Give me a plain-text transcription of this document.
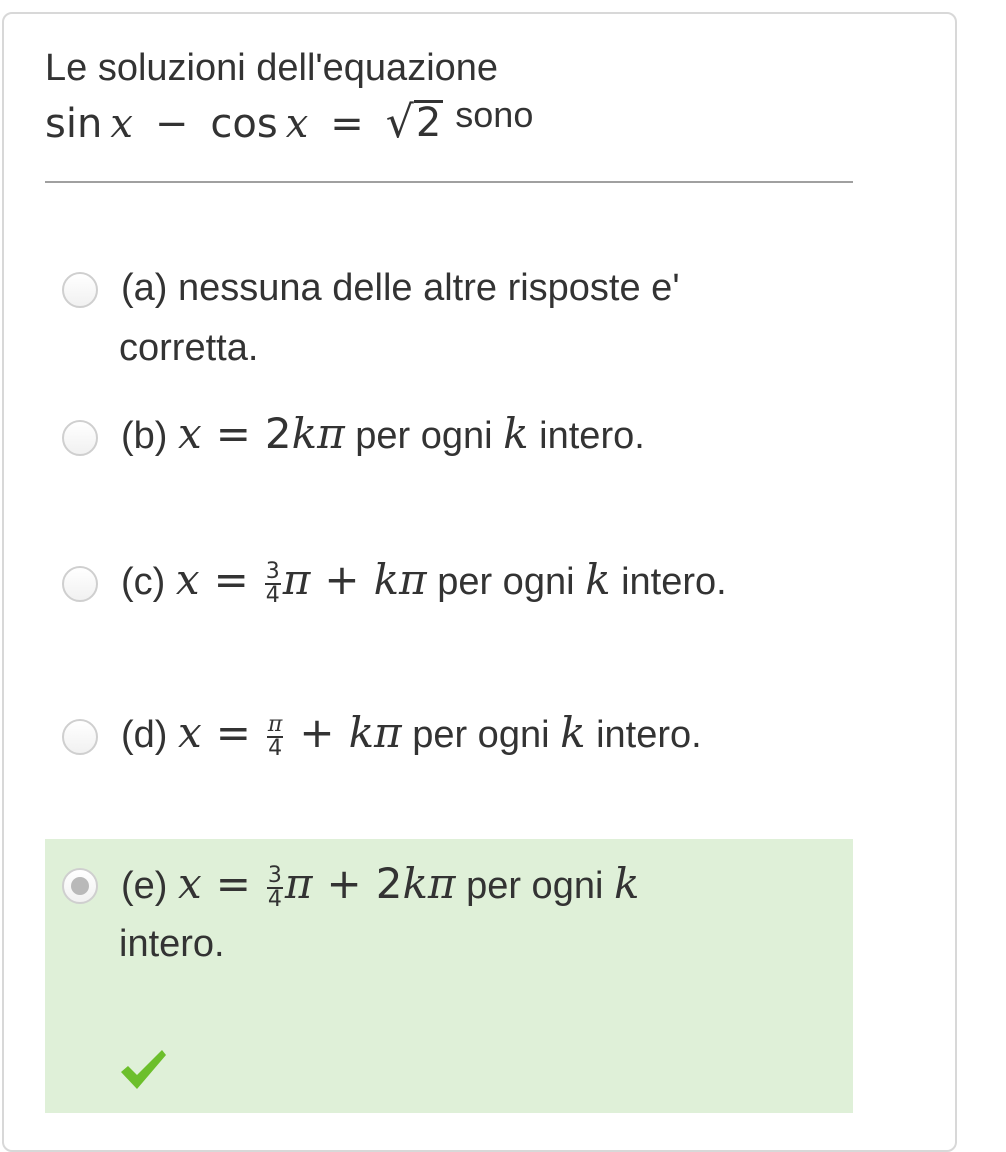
Le soluzioni dell'equazione
sin x − cos x = √ 2 sono
(a) nessuna delle altre risposte e'
corretta.
(b) x = 2kπ per ogni k intero.
(c) $x = \frac{3}{4}$ π + kπ per ogni k intero.
(d) $x = \frac{\pi}{4} + k\pi$ per ogni k intero.
(e) $x = \frac{3}{4}$ π + 2kπ per ogni k
intero.
